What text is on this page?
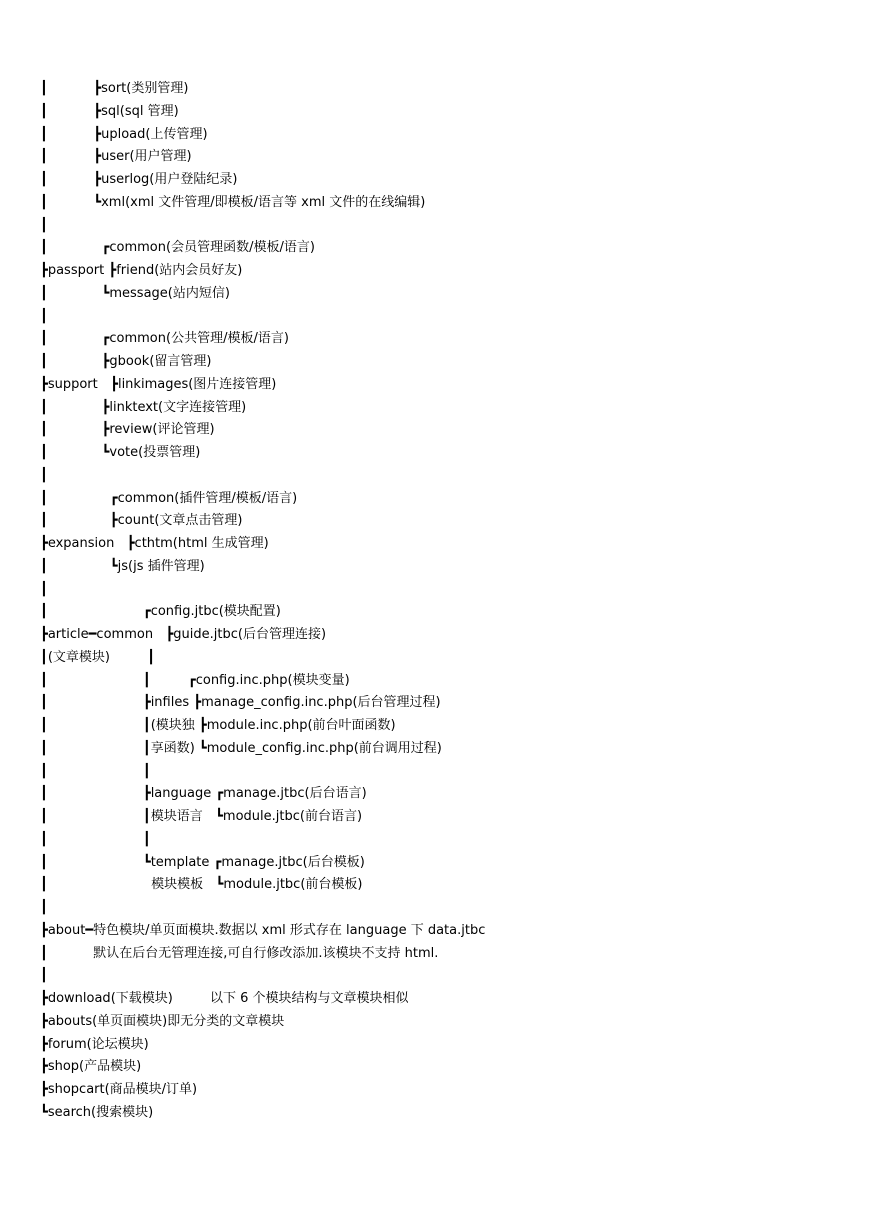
┃           ┣sort(类别管理)
┃           ┣sql(sql 管理)
┃           ┣upload(上传管理)
┃           ┣user(用户管理)
┃           ┣userlog(用户登陆纪录)
┃           ┗xml(xml 文件管理/即模板/语言等 xml 文件的在线编辑)
┃
┃             ┏common(会员管理函数/模板/语言)
┣passport ┣friend(站内会员好友)
┃             ┗message(站内短信)
┃
┃             ┏common(公共管理/模板/语言)
┃             ┣gbook(留言管理)
┣support   ┣linkimages(图片连接管理)
┃             ┣linktext(文字连接管理)
┃             ┣review(评论管理)
┃             ┗vote(投票管理)
┃
┃               ┏common(插件管理/模板/语言)
┃               ┣count(文章点击管理)
┣expansion   ┣cthtm(html 生成管理)
┃               ┗js(js 插件管理)
┃
┃                       ┏config.jtbc(模块配置)
┣article━common   ┣guide.jtbc(后台管理连接)
┃(文章模块)         ┃
┃                       ┃         ┏config.inc.php(模块变量)
┃                       ┣infiles ┣manage_config.inc.php(后台管理过程)
┃                       ┃(模块独 ┣module.inc.php(前台叶面函数)
┃                       ┃享函数) ┗module_config.inc.php(前台调用过程)
┃                       ┃
┃                       ┣language ┏manage.jtbc(后台语言)
┃                       ┃模块语言   ┗module.jtbc(前台语言)
┃                       ┃
┃                       ┗template ┏manage.jtbc(后台模板)
┃                         模块模板   ┗module.jtbc(前台模板)
┃
┣about━特色模块/单页面模块.数据以 xml 形式存在 language 下 data.jtbc
┃           默认在后台无管理连接,可自行修改添加.该模块不支持 html.
┃
┣download(下载模块)         以下 6 个模块结构与文章模块相似
┣abouts(单页面模块)即无分类的文章模块
┣forum(论坛模块)
┣shop(产品模块)
┣shopcart(商品模块/订单)
┗search(搜索模块)
